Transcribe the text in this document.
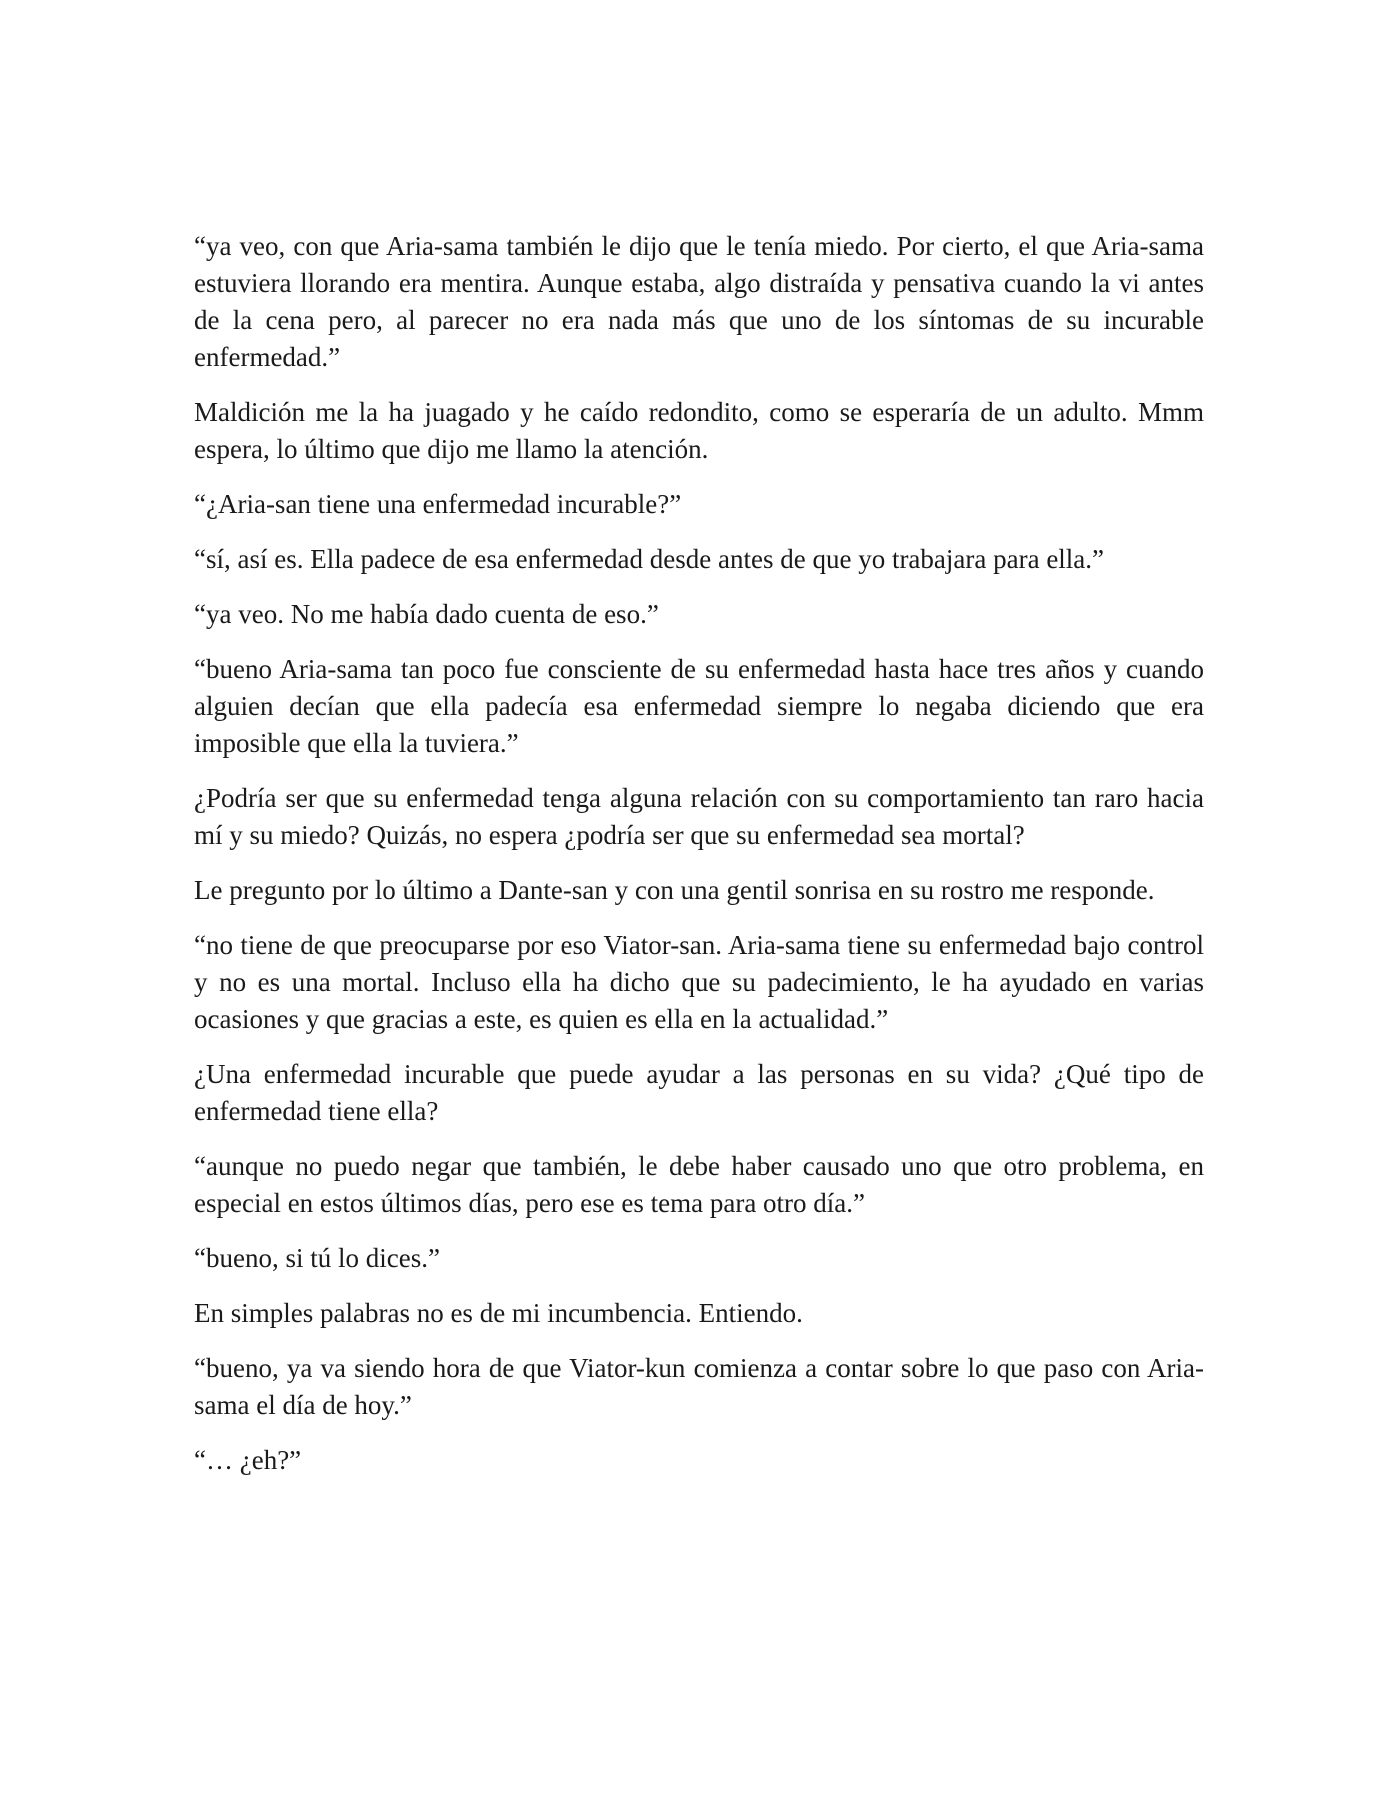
“ya veo, con que Aria-sama también le dijo que le tenía miedo. Por cierto, el que Aria-sama estuviera llorando era mentira. Aunque estaba, algo distraída y pensativa cuando la vi antes de la cena pero, al parecer no era nada más que uno de los síntomas de su incurable enfermedad.”

Maldición me la ha juagado y he caído redondito, como se esperaría de un adulto. Mmm espera, lo último que dijo me llamo la atención.

“¿Aria-san tiene una enfermedad incurable?”

“sí, así es. Ella padece de esa enfermedad desde antes de que yo trabajara para ella.”

“ya veo. No me había dado cuenta de eso.”

“bueno Aria-sama tan poco fue consciente de su enfermedad hasta hace tres años y cuando alguien decían que ella padecía esa enfermedad siempre lo negaba diciendo que era imposible que ella la tuviera.”

¿Podría ser que su enfermedad tenga alguna relación con su comportamiento tan raro hacia mí y su miedo? Quizás, no espera ¿podría ser que su enfermedad sea mortal?

Le pregunto por lo último a Dante-san y con una gentil sonrisa en su rostro me responde.

“no tiene de que preocuparse por eso Viator-san. Aria-sama tiene su enfermedad bajo control y no es una mortal. Incluso ella ha dicho que su padecimiento, le ha ayudado en varias ocasiones y que gracias a este, es quien es ella en la actualidad.”

¿Una enfermedad incurable que puede ayudar a las personas en su vida? ¿Qué tipo de enfermedad tiene ella?

“aunque no puedo negar que también, le debe haber causado uno que otro problema, en especial en estos últimos días, pero ese es tema para otro día.”

“bueno, si tú lo dices.”

En simples palabras no es de mi incumbencia. Entiendo.

“bueno, ya va siendo hora de que Viator-kun comienza a contar sobre lo que paso con Aria-sama el día de hoy.”

“… ¿eh?”
